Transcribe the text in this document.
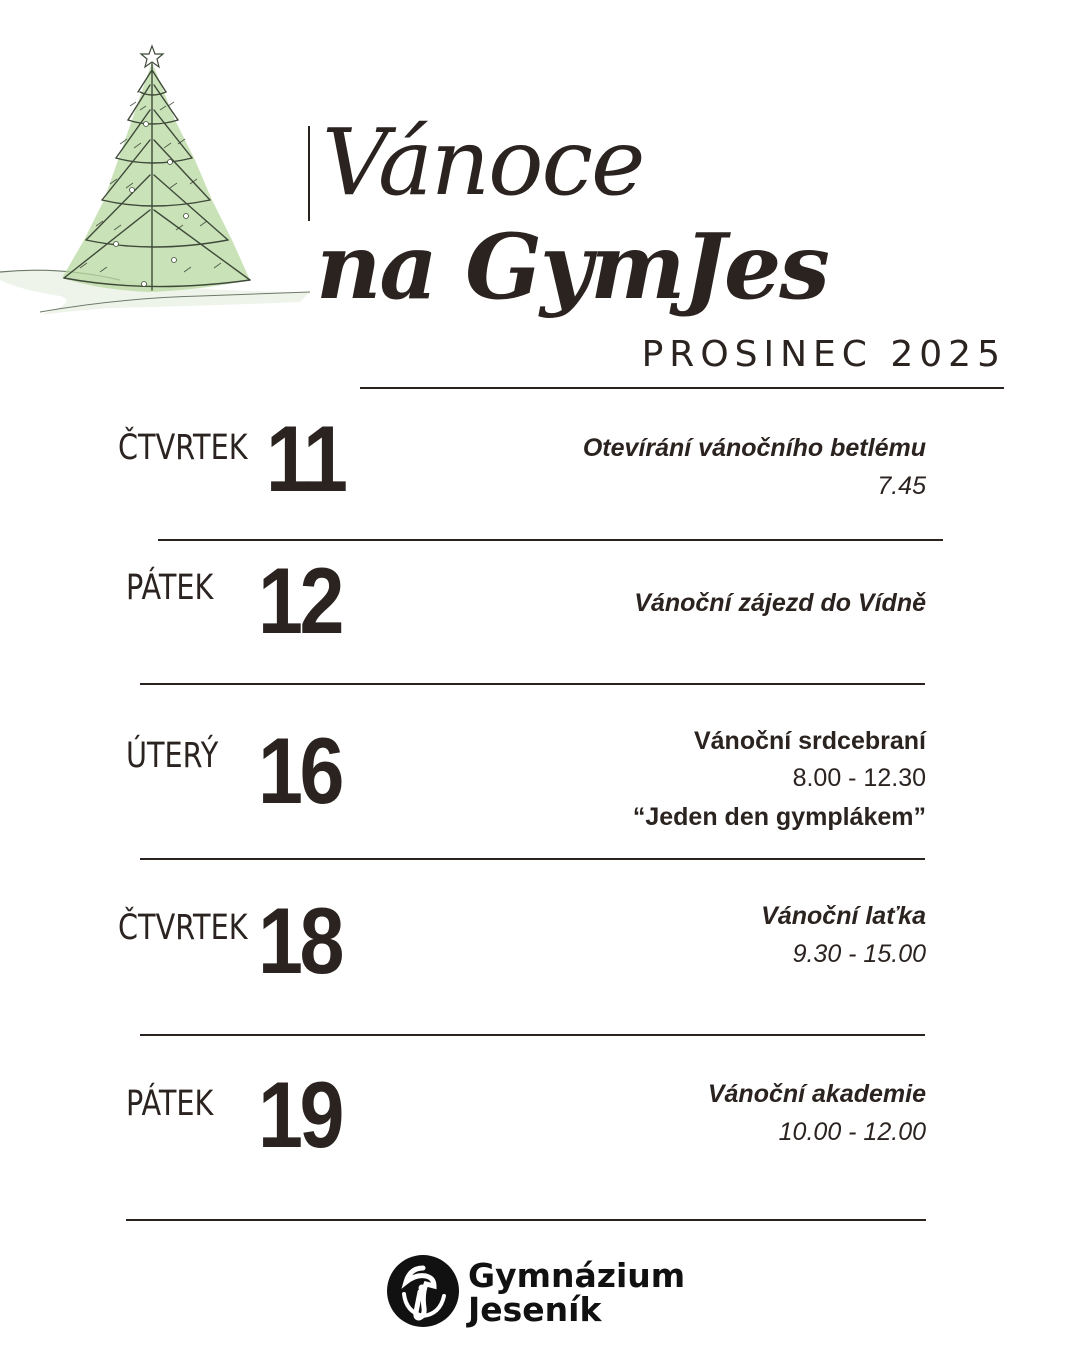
Vánoce
na GymJes
PROSINEC 2025
ČTVRTEK 11	Otevírání vánočního betlému
7.45
PÁTEK 12	Vánoční zájezd do Vídně
ÚTERÝ 16	Vánoční srdcebraní
8.00 - 12.30
“Jeden den gymplákem”
ČTVRTEK 18	Vánoční laťka
9.30 - 15.00
PÁTEK 19	Vánoční akademie
10.00 - 12.00
Gymnázium
Jeseník
